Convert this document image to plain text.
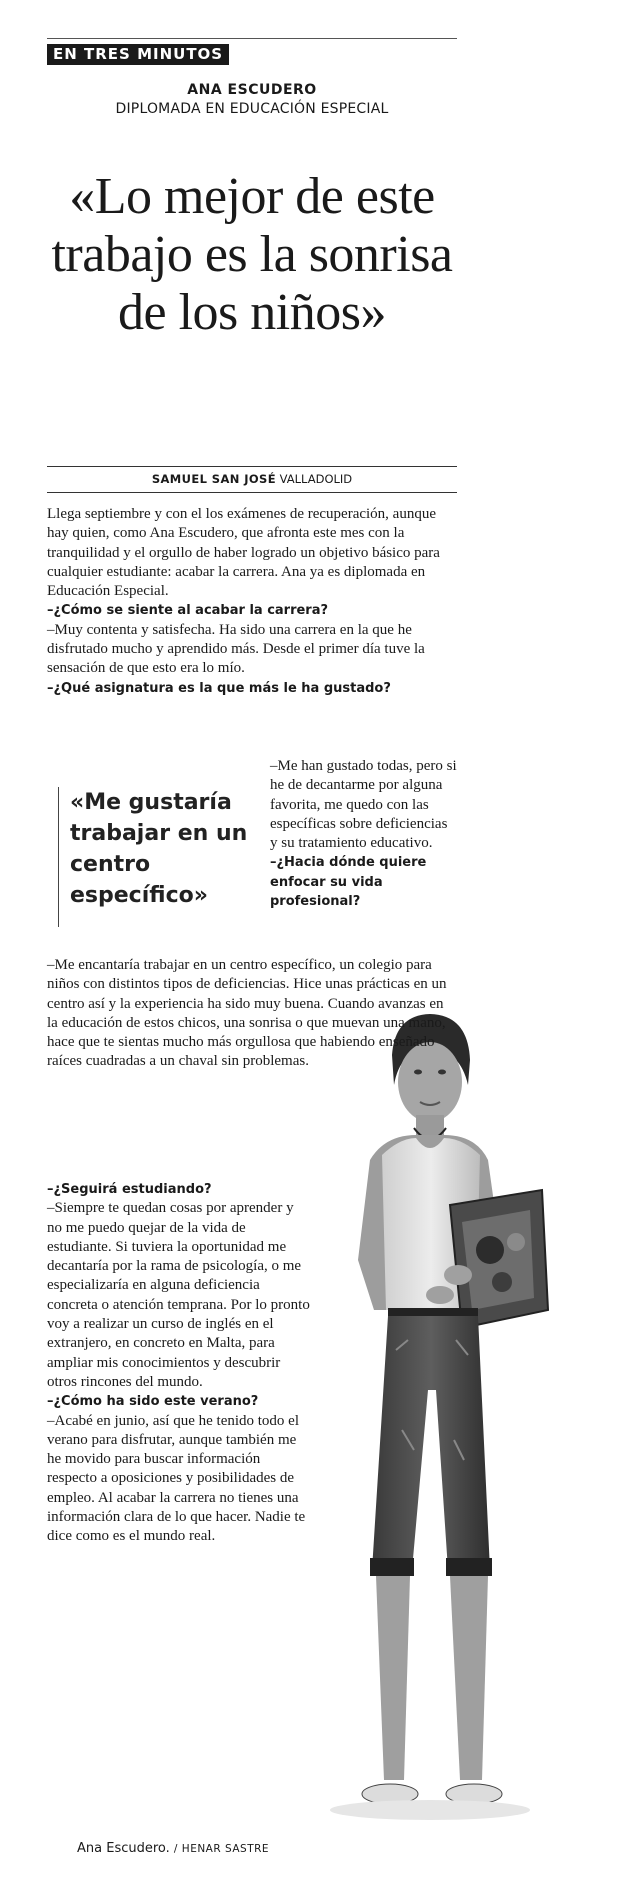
EN TRES MINUTOS
ANA ESCUDERO
DIPLOMADA EN EDUCACIÓN ESPECIAL
«Lo mejor de este trabajo es la sonrisa de los niños»
SAMUEL SAN JOSÉ VALLADOLID

Llega septiembre y con el los exámenes de recuperación, aunque hay quien, como Ana Escudero, que afronta este mes con la tranquilidad y el orgullo de haber logrado un objetivo básico para cualquier estudiante: acabar la carrera. Ana ya es diplomada en Educación Especial.

–¿Cómo se siente al acabar la carrera?

–Muy contenta y satisfecha. Ha sido una carrera en la que he disfrutado mucho y aprendido más. Desde el primer día tuve la sensación de que esto era lo mío.

–¿Qué asignatura es la que más le ha gustado?

«Me gustaría trabajar en un centro específico»

–Me han gustado todas, pero si he de decantarme por alguna favorita, me quedo con las específicas sobre deficiencias y su tratamiento educativo.

–¿Hacia dónde quiere enfocar su vida profesional?

–Me encantaría trabajar en un centro específico, un colegio para niños con distintos tipos de deficiencias. Hice unas prácticas en un centro así y la experiencia ha sido muy buena. Cuando avanzas en la educación de estos chicos, una sonrisa o que muevan una mano, hace que te sientas mucho más orgullosa que habiendo enseñado raíces cuadradas a un chaval sin problemas.

–¿Seguirá estudiando?

–Siempre te quedan cosas por aprender y no me puedo quejar de la vida de estudiante. Si tuviera la oportunidad me decantaría por la rama de psicología, o me especializaría en alguna deficiencia concreta o atención temprana. Por lo pronto voy a realizar un curso de inglés en el extranjero, en concreto en Malta, para ampliar mis conocimientos y descubrir otros rincones del mundo.

–¿Cómo ha sido este verano?

–Acabé en junio, así que he tenido todo el verano para disfrutar, aunque también me he movido para buscar información respecto a oposiciones y posibilidades de empleo. Al acabar la carrera no tienes una información clara de lo que hacer. Nadie te dice como es el mundo real.

Ana Escudero. / HENAR SASTRE
